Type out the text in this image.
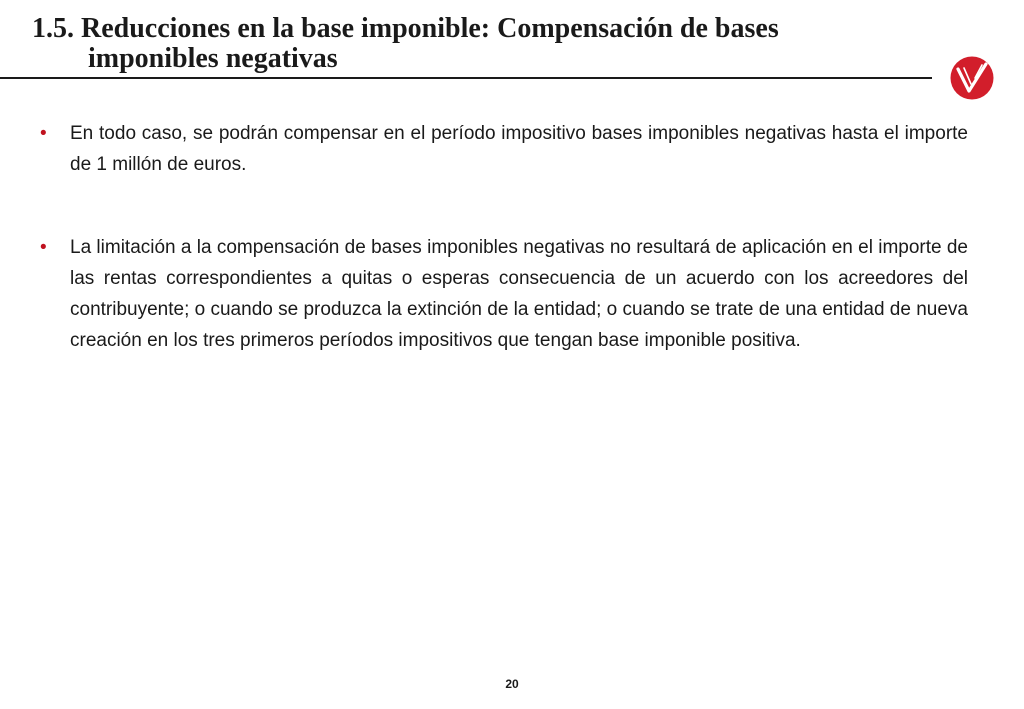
1.5. Reducciones en la base imponible: Compensación de bases
imponibles negativas
•	En todo caso, se podrán compensar en el período impositivo bases imponibles negativas hasta el importe de 1 millón de euros.
•	La limitación a la compensación de bases imponibles negativas no resultará de aplicación en el importe de las rentas correspondientes a quitas o esperas consecuencia de un acuerdo con los acreedores del contribuyente; o cuando se produzca la extinción de la entidad; o cuando se trate de una entidad de nueva creación en los tres primeros períodos impositivos que tengan base imponible positiva.
20
